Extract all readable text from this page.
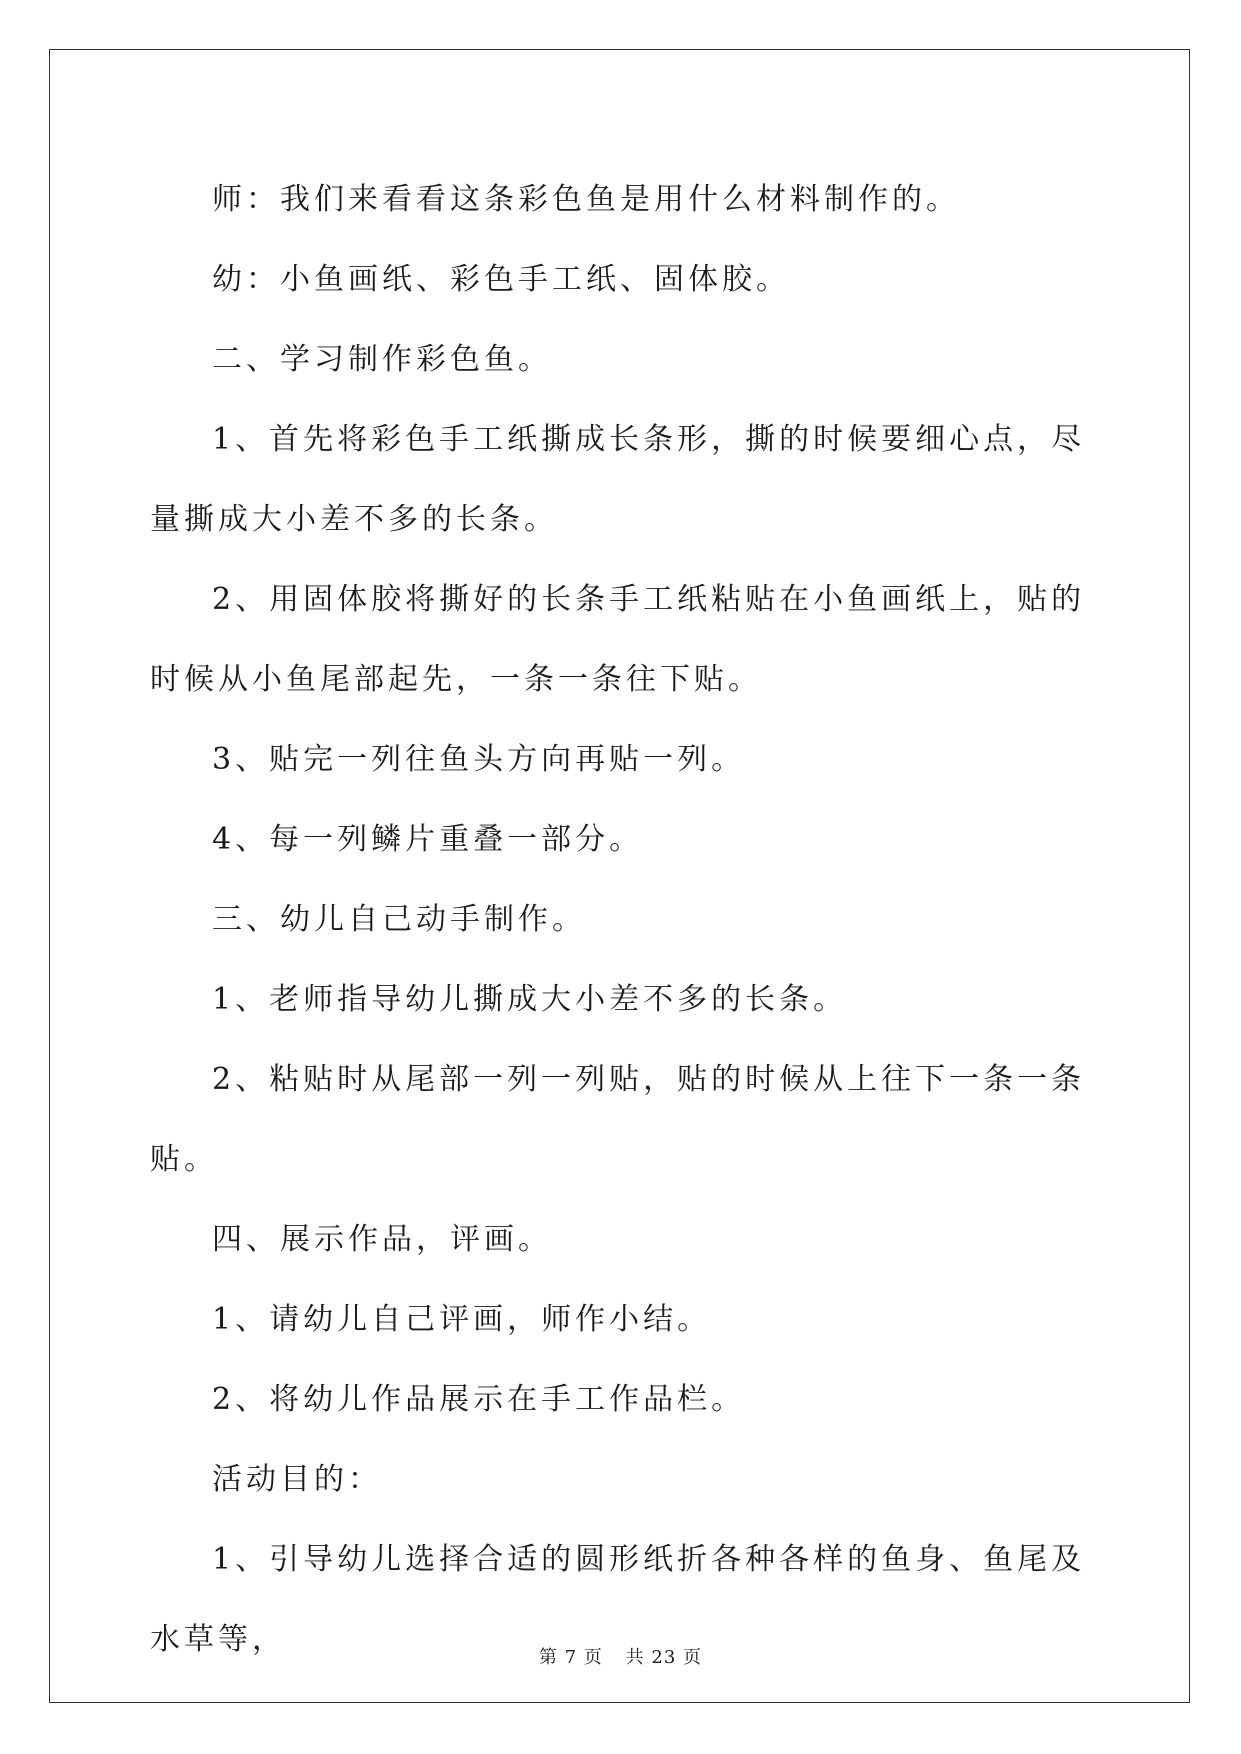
师：我们来看看这条彩色鱼是用什么材料制作的。

幼：小鱼画纸、彩色手工纸、固体胶。

二、学习制作彩色鱼。

1、首先将彩色手工纸撕成长条形，撕的时候要细心点，尽量撕成大小差不多的长条。

2、用固体胶将撕好的长条手工纸粘贴在小鱼画纸上，贴的时候从小鱼尾部起先，一条一条往下贴。

3、贴完一列往鱼头方向再贴一列。

4、每一列鳞片重叠一部分。

三、幼儿自己动手制作。

1、老师指导幼儿撕成大小差不多的长条。

2、粘贴时从尾部一列一列贴，贴的时候从上往下一条一条贴。

四、展示作品，评画。

1、请幼儿自己评画，师作小结。

2、将幼儿作品展示在手工作品栏。

活动目的：

1、引导幼儿选择合适的圆形纸折各种各样的鱼身、鱼尾及水草等，

第 7 页 共 23 页
